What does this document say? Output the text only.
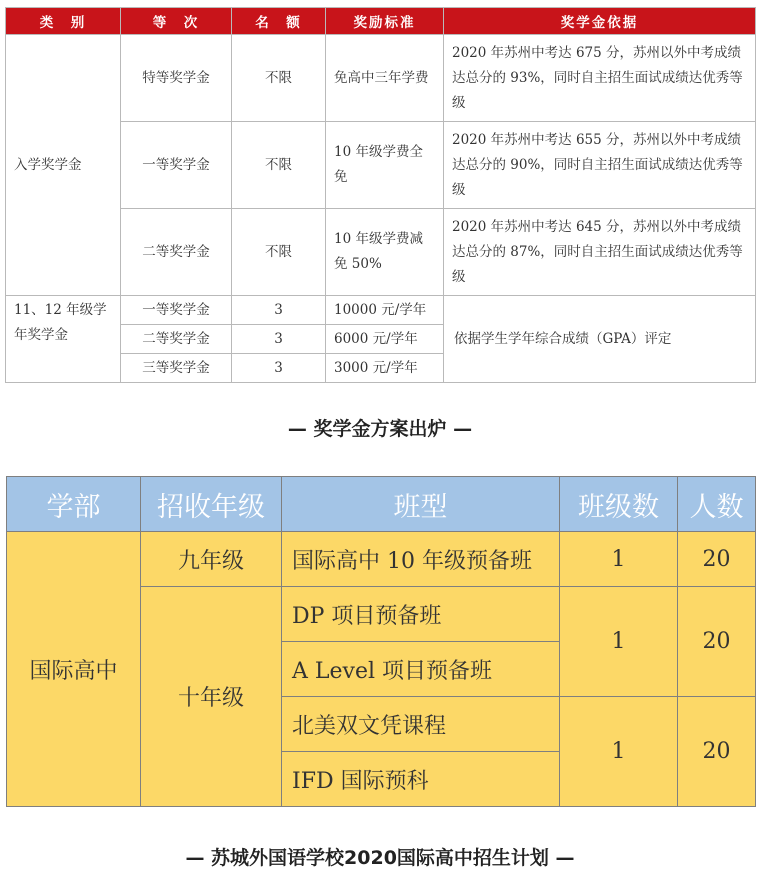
类　别	等　次	名　额	奖励标准	奖学金依据
入学奖学金	特等奖学金	不限	免高中三年学费	2020 年苏州中考达 675 分，苏州以外中考成绩达总分的 93%，同时自主招生面试成绩达优秀等级
	一等奖学金	不限	10 年级学费全免	2020 年苏州中考达 655 分，苏州以外中考成绩达总分的 90%，同时自主招生面试成绩达优秀等级
	二等奖学金	不限	10 年级学费减免 50%	2020 年苏州中考达 645 分，苏州以外中考成绩达总分的 87%，同时自主招生面试成绩达优秀等级
11、12 年级学年奖学金	一等奖学金	3	10000 元/学年	依据学生学年综合成绩（GPA）评定
	二等奖学金	3	6000 元/学年	
	三等奖学金	3	3000 元/学年	
— 奖学金方案出炉 —
学部	招收年级	班型	班级数	人数
国际高中	九年级	国际高中 10 年级预备班	1	20
	十年级	DP 项目预备班	1	20
		A Level 项目预备班		
		北美双文凭课程	1	20
		IFD 国际预科		
— 苏城外国语学校2020国际高中招生计划 —
